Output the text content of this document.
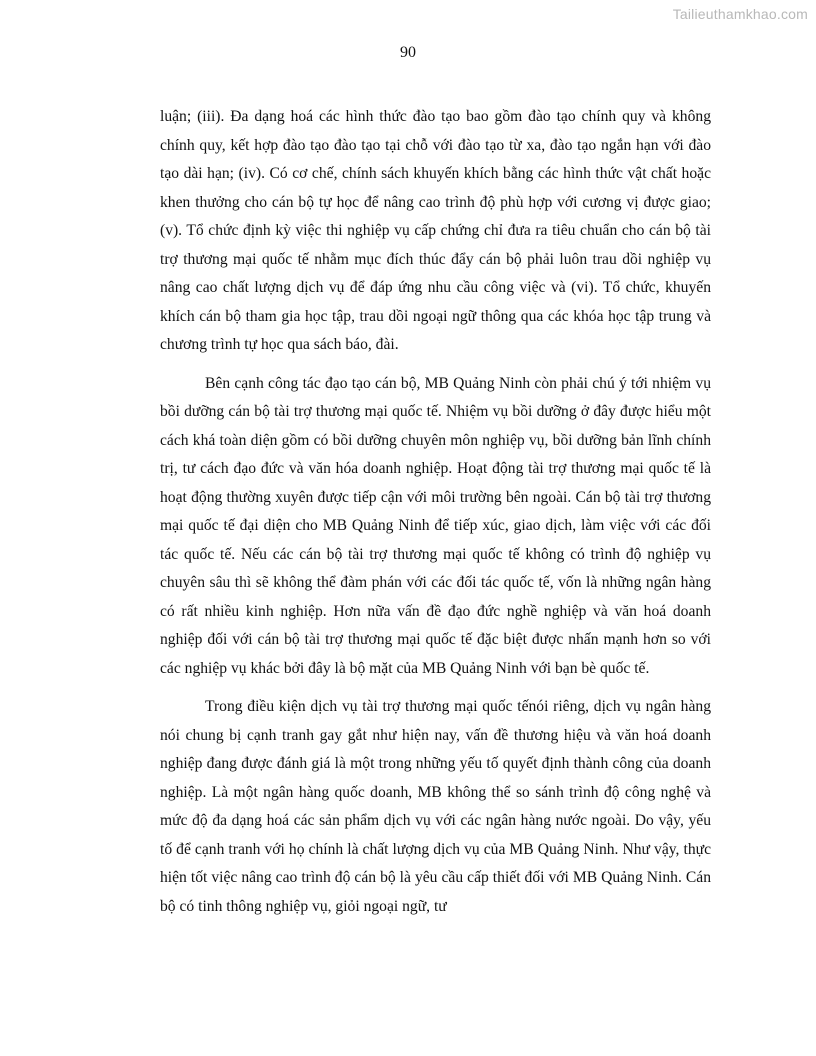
Tailieuthamkhao.com
90

luận; (iii). Đa dạng hoá các hình thức đào tạo bao gồm đào tạo chính quy và không chính quy, kết hợp đào tạo đào tạo tại chỗ với đào tạo từ xa, đào tạo ngắn hạn với đào tạo dài hạn; (iv). Có cơ chế, chính sách khuyến khích bằng các hình thức vật chất hoặc khen thưởng cho cán bộ tự học để nâng cao trình độ phù hợp với cương vị được giao; (v). Tổ chức định kỳ việc thi nghiệp vụ cấp chứng chỉ đưa ra tiêu chuẩn cho cán bộ tài trợ thương mại quốc tế nhằm mục đích thúc đẩy cán bộ phải luôn trau dồi nghiệp vụ nâng cao chất lượng dịch vụ để đáp ứng nhu cầu công việc và (vi). Tổ chức, khuyến khích cán bộ tham gia học tập, trau dồi ngoại ngữ thông qua các khóa học tập trung và chương trình tự học qua sách báo, đài.

Bên cạnh công tác đạo tạo cán bộ, MB Quảng Ninh còn phải chú ý tới nhiệm vụ bồi dưỡng cán bộ tài trợ thương mại quốc tế. Nhiệm vụ bồi dưỡng ở đây được hiểu một cách khá toàn diện gồm có bồi dưỡng chuyên môn nghiệp vụ, bồi dưỡng bản lĩnh chính trị, tư cách đạo đức và văn hóa doanh nghiệp. Hoạt động tài trợ thương mại quốc tế là hoạt động thường xuyên được tiếp cận với môi trường bên ngoài. Cán bộ tài trợ thương mại quốc tế đại diện cho MB Quảng Ninh để tiếp xúc, giao dịch, làm việc với các đối tác quốc tế. Nếu các cán bộ tài trợ thương mại quốc tế không có trình độ nghiệp vụ chuyên sâu thì sẽ không thể đàm phán với các đối tác quốc tế, vốn là những ngân hàng có rất nhiều kinh nghiệp. Hơn nữa vấn đề đạo đức nghề nghiệp và văn hoá doanh nghiệp đối với cán bộ tài trợ thương mại quốc tế đặc biệt được nhấn mạnh hơn so với các nghiệp vụ khác bởi đây là bộ mặt của MB Quảng Ninh với bạn bè quốc tế.

Trong điều kiện dịch vụ tài trợ thương mại quốc tếnói riêng, dịch vụ ngân hàng nói chung bị cạnh tranh gay gắt như hiện nay, vấn đề thương hiệu và văn hoá doanh nghiệp đang được đánh giá là một trong những yếu tố quyết định thành công của doanh nghiệp. Là một ngân hàng quốc doanh, MB không thể so sánh trình độ công nghệ và mức độ đa dạng hoá các sản phẩm dịch vụ với các ngân hàng nước ngoài. Do vậy, yếu tố để cạnh tranh với họ chính là chất lượng dịch vụ của MB Quảng Ninh. Như vậy, thực hiện tốt việc nâng cao trình độ cán bộ là yêu cầu cấp thiết đối với MB Quảng Ninh. Cán bộ có tinh thông nghiệp vụ, giỏi ngoại ngữ, tư
